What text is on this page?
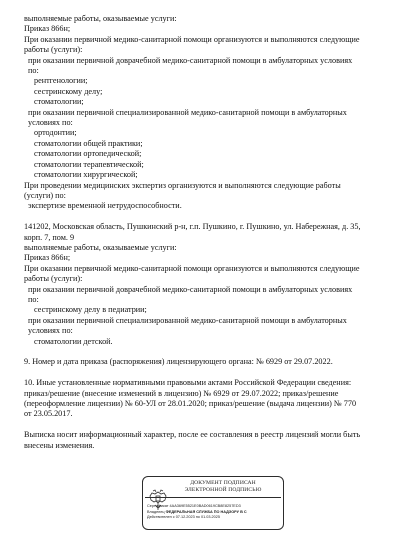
выполняемые работы, оказываемые услуги:
Приказ 866н;
При оказании первичной медико-санитарной помощи организуются и выполняются следующие
работы (услуги):
при оказании первичной доврачебной медико-санитарной помощи в амбулаторных условиях
по:
рентгенологии;
сестринскому делу;
стоматологии;
при оказании первичной специализированной медико-санитарной помощи в амбулаторных
условиях по:
ортодонтии;
стоматологии общей практики;
стоматологии ортопедической;
стоматологии терапевтической;
стоматологии хирургической;
При проведении медицинских экспертиз организуются и выполняются следующие работы
(услуги) по:
экспертизе временной нетрудоспособности.
141202, Московская область, Пушкинский р-н, г.п. Пушкино, г. Пушкино, ул. Набережная, д. 35,
корп. 7, пом. 9
выполняемые работы, оказываемые услуги:
Приказ 866н;
При оказании первичной медико-санитарной помощи организуются и выполняются следующие
работы (услуги):
при оказании первичной доврачебной медико-санитарной помощи в амбулаторных условиях
по:
сестринскому делу в педиатрии;
при оказании первичной специализированной медико-санитарной помощи в амбулаторных
условиях по:
стоматологии детской.
9. Номер и дата приказа (распоряжения) лицензирующего органа: № 6929 от 29.07.2022.
10. Иные установленные нормативными правовыми актами Российской Федерации сведения:
приказ/решение (внесение изменений в лицензию) № 6929 от 29.07.2022; приказ/решение
(переоформление лицензии) № 60-УЛ от 28.01.2020; приказ/решение (выдача лицензии) № 770
от 23.05.2017.
Выписка носит информационный характер, после ее составления в реестр лицензий могли быть
внесены изменения.
ДОКУМЕНТ ПОДПИСАН
ЭЛЕКТРОННОЙ ПОДПИСЬЮ
Сертификат 4AA369E5521E0BAD0619CB8E8257ED3
Владелец ФЕДЕРАЛЬНАЯ СЛУЖБА ПО НАДЗОРУ В С
Действителен с 07.12.2023 по 01.03.2025
